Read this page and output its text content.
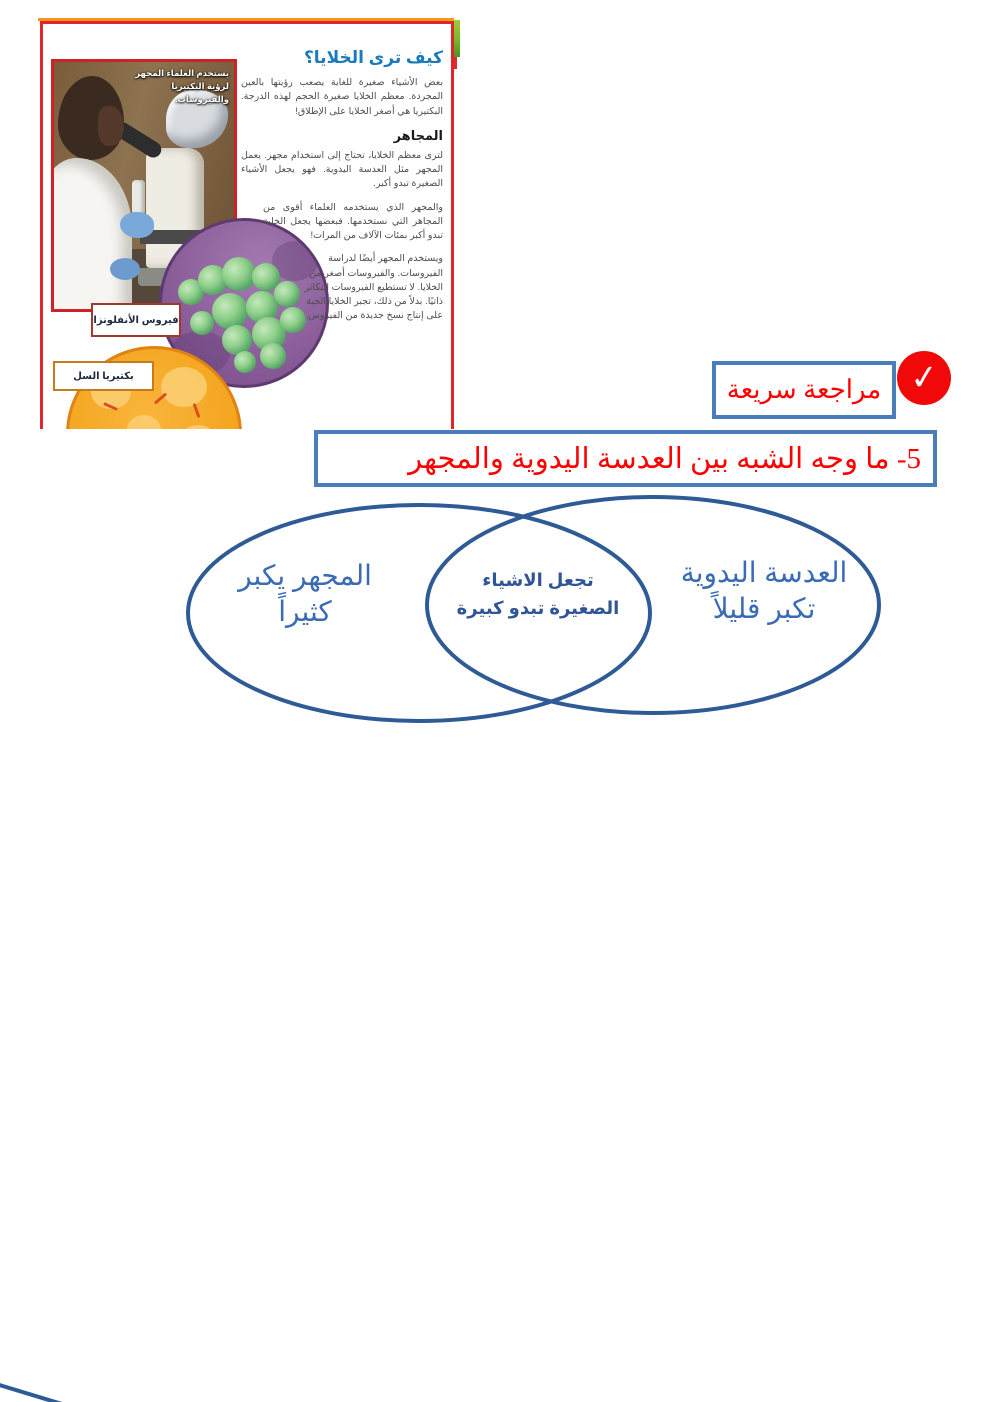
يستخدم العلماء المجهر لرؤية البكتيريا والفيروسات.
فيروس الأنفلونزا
بكتيريا السل
كيف ترى الخلايا؟

بعض الأشياء صغيرة للغاية يصعب رؤيتها بالعين المجردة. معظم الخلايا صغيرة الحجم لهذه الدرجة. البكتيريا هي أصغر الخلايا على الإطلاق!

المجاهر

لترى معظم الخلايا، تحتاج إلى استخدام مجهر. يعمل المجهر مثل العدسة اليدوية. فهو يجعل الأشياء الصغيرة تبدو أكبر.

والمجهر الذي يستخدمه العلماء أقوى من المجاهر التي نستخدمها. فبعضها يجعل الخلية تبدو أكبر بمئات الآلاف من المرات!

ويستخدم المجهر أيضًا لدراسة الفيروسات. والفيروسات أصغر من الخلايا. لا تستطيع الفيروسات التكاثر ذاتيًا. بدلاً من ذلك، تجبر الخلايا الحية على إنتاج نسخ جديدة من الفيروس.

مراجعة سريعة ✓
5- ما وجه الشبه بين العدسة اليدوية والمجهر
المجهر يكبر
كثيراً
تجعل الاشياء
الصغيرة تبدو كبيرة
العدسة اليدوية
تكبر قليلاً
